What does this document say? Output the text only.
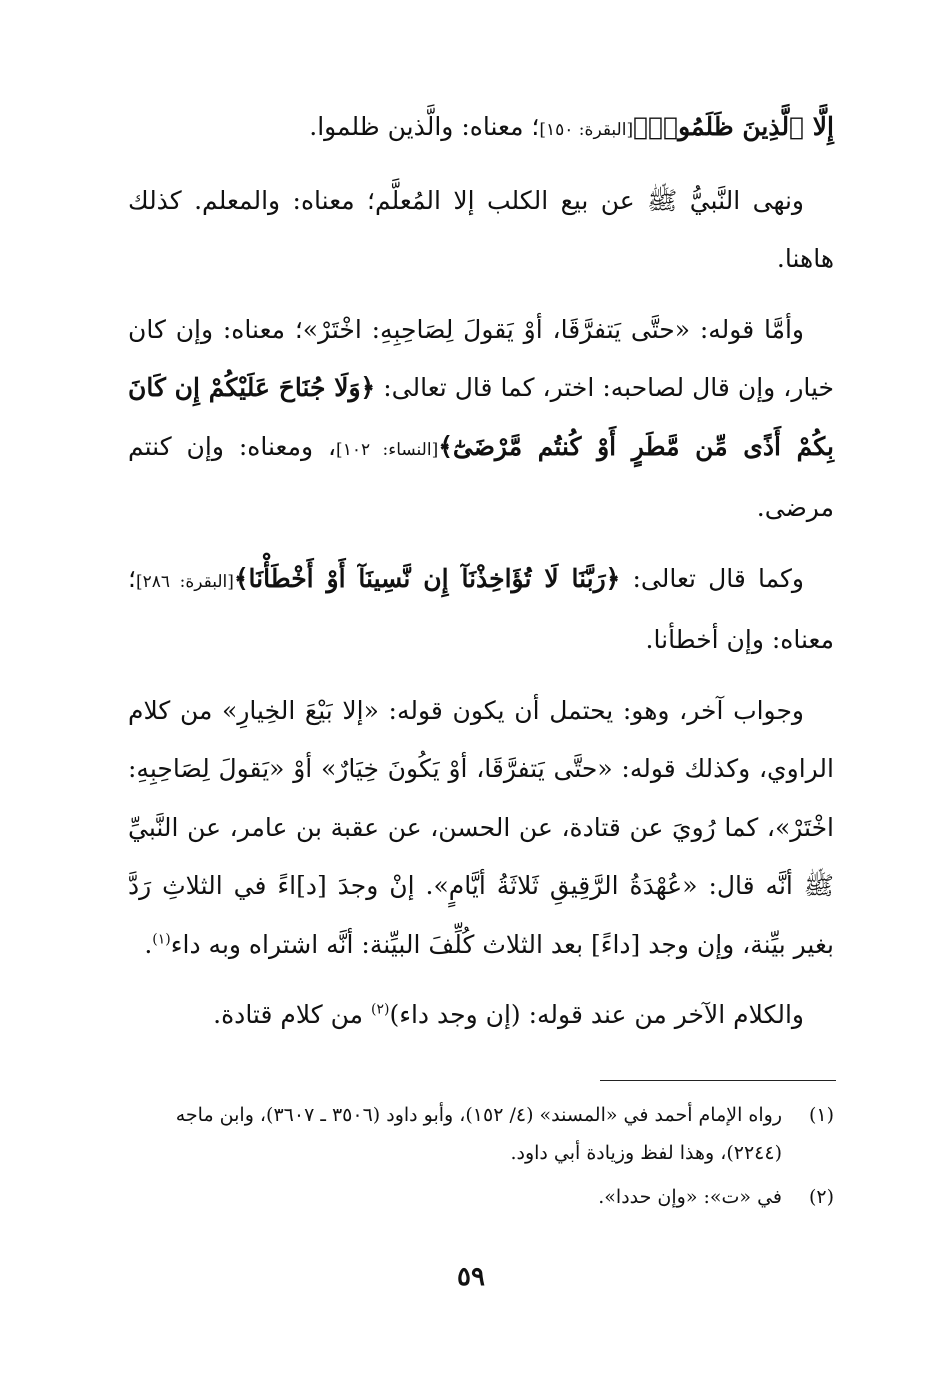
إِلَّا ٱلَّذِينَ ظَلَمُوا۟﴾[البقرة: ١٥٠]؛ معناه: والَّذين ظلموا.

ونهى النَّبيُّ ﷺ عن بيع الكلب إلا المُعلَّم؛ معناه: والمعلم. كذلك هاهنا.

وأمَّا قوله: «حتَّى يَتفرَّقَا، أوْ يَقولَ لِصَاحِبِهِ: اخْتَرْ»؛ معناه: وإن كان خيار، وإن قال لصاحبه: اختر، كما قال تعالى: ﴿وَلَا جُنَاحَ عَلَيْكُمْ إِن كَانَ بِكُمْ أَذًى مِّن مَّطَرٍ أَوْ كُنتُم مَّرْضَىٰٓ﴾[النساء: ١٠٢]، ومعناه: وإن كنتم مرضى.

وكما قال تعالى: ﴿رَبَّنَا لَا تُؤَاخِذْنَآ إِن نَّسِينَآ أَوْ أَخْطَأْنَا﴾[البقرة: ٢٨٦]؛ معناه: وإن أخطأنا.

وجواب آخر، وهو: يحتمل أن يكون قوله: «إلا بَيْعَ الخِيارِ» من كلام الراوي، وكذلك قوله: «حتَّى يَتفرَّقَا، أوْ يَكُونَ خِيَارٌ» أوْ «يَقولَ لِصَاحِبِهِ: اخْتَرْ»، كما رُويَ عن قتادة، عن الحسن، عن عقبة بن عامر، عن النَّبيِّ ﷺ أنَّه قال: «عُهْدَةُ الرَّقِيقِ ثَلاثَةُ أيَّامٍ». إنْ وجدَ [د]اءً في الثلاثِ رَدَّ بغير بيِّنة، وإن وجد [داءً] بعد الثلاث كُلِّفَ البيِّنة: أنَّه اشتراه وبه داء$^{(١)}$.

والكلام الآخر من عند قوله: (إن وجد داء)$^{(٢)}$ من كلام قتادة.

(١)
رواه الإمام أحمد في «المسند» (٤/ ١٥٢)، وأبو داود (٣٥٠٦ ـ ٣٦٠٧)، وابن ماجه (٢٢٤٤)، وهذا لفظ وزيادة أبي داود.
(٢)
في «ت»: «وإن حددا».
٥٩
